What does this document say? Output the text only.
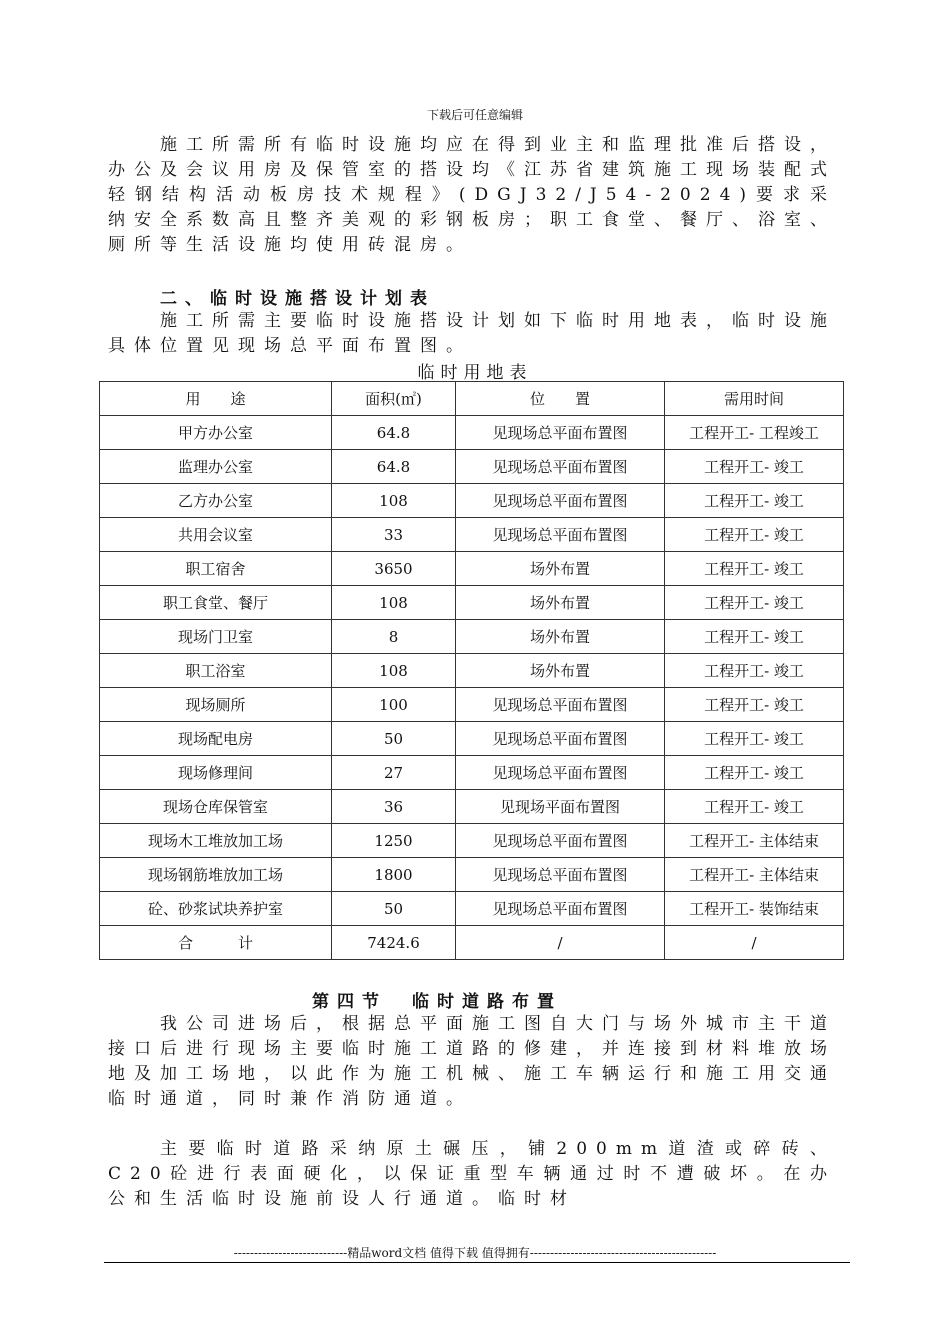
下载后可任意编辑
施工所需所有临时设施均应在得到业主和监理批准后搭设，办公及会议用房及保管室的搭设均《江苏省建筑施工现场装配式轻钢结构活动板房技术规程》(DGJ32/J54-2024)要求采纳安全系数高且整齐美观的彩钢板房；职工食堂、餐厅、浴室、厕所等生活设施均使用砖混房。
二、临时设施搭设计划表
施工所需主要临时设施搭设计划如下临时用地表，临时设施具体位置见现场总平面布置图。
临时用地表
用　　途	面积(㎡)	位　　置	需用时间
甲方办公室	64.8	见现场总平面布置图	工程开工- 工程竣工
监理办公室	64.8	见现场总平面布置图	工程开工- 竣工
乙方办公室	108	见现场总平面布置图	工程开工- 竣工
共用会议室	33	见现场总平面布置图	工程开工- 竣工
职工宿舍	3650	场外布置	工程开工- 竣工
职工食堂、餐厅	108	场外布置	工程开工- 竣工
现场门卫室	8	场外布置	工程开工- 竣工
职工浴室	108	场外布置	工程开工- 竣工
现场厕所	100	见现场总平面布置图	工程开工- 竣工
现场配电房	50	见现场总平面布置图	工程开工- 竣工
现场修理间	27	见现场总平面布置图	工程开工- 竣工
现场仓库保管室	36	见现场平面布置图	工程开工- 竣工
现场木工堆放加工场	1250	见现场总平面布置图	工程开工- 主体结束
现场钢筋堆放加工场	1800	见现场总平面布置图	工程开工- 主体结束
砼、砂浆试块养护室	50	见现场总平面布置图	工程开工- 装饰结束
合　　　计	7424.6	/	/
第四节　临时道路布置
我公司进场后，根据总平面施工图自大门与场外城市主干道接口后进行现场主要临时施工道路的修建，并连接到材料堆放场地及加工场地，以此作为施工机械、施工车辆运行和施工用交通临时通道，同时兼作消防通道。
主要临时道路采纳原土碾压，铺200mm道渣或碎砖、C20砼进行表面硬化，以保证重型车辆通过时不遭破坏。在办公和生活临时设施前设人行通道。临时材
----------------------------精品word文档 值得下载 值得拥有----------------------------------------------
